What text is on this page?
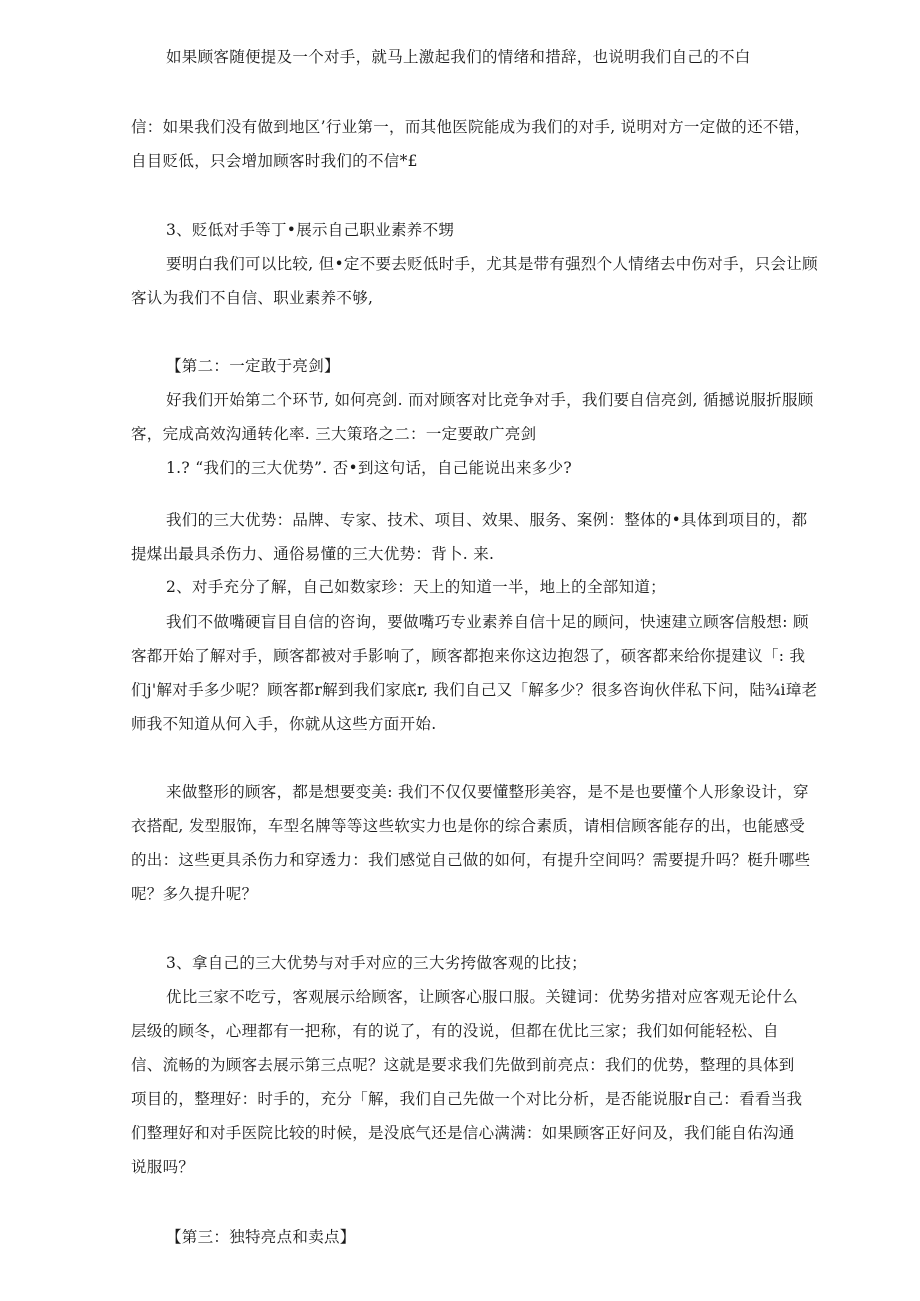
如果顾客随便提及一个对手，就马上激起我们的情绪和措辞，也说明我们自己的不白
信：如果我们没有做到地区’行业第一，而其他医院能成为我们的对手, 说明对方一定做的还不错，
自目贬低，只会增加顾客时我们的不信*£
3、贬低对手等丁•展示自己职业素养不甥
要明白我们可以比较, 但•定不要去贬低时手，尤其是带有强烈个人情绪去中伤对手，只会让顾
客认为我们不自信、职业素养不够,
【第二：一定敢于亮剑】
好我们开始第二个环节, 如何亮剑. 而对顾客对比竞争对手，我们要自信亮剑, 循撼说服折服顾
客，完成高效沟通转化率. 三大策珞之二：一定要敢广亮剑
1.? “我们的三大优势”. 否•到这句话，自己能说出来多少?
我们的三大优势：品牌、专家、技术、项目、效果、服务、案例：整体的•具体到项目的，都
提煤出最具杀伤力、通俗易懂的三大优势：背卜. 来.
2、对手充分了解，自己如数家珍：天上的知道一半，地上的全部知道；
我们不做嘴硬盲目自信的咨询，要做嘴巧专业素养自信十足的顾问，快速建立顾客信般想: 顾
客都开始了解对手，顾客都被对手影响了，顾客都抱来你这边抱怨了，硕客都来给你提建议「: 我
们j'解对手多少呢？顾客都r解到我们家底r, 我们自己又「解多少？很多咨询伙伴私下问，陆¾i璋老
师我不知道从何入手，你就从这些方面开始.
来做整形的顾客，都是想要变美: 我们不仅仅要懂整形美容，是不是也要懂个人形象设计，穿
衣搭配, 发型服饰，车型名牌等等这些软实力也是你的综合素质，请相信顾客能存的出，也能感受
的出：这些更具杀伤力和穿透力：我们感觉自己做的如何，有提升空间吗？需要提升吗？梃升哪些
呢？多久提升呢？
3、拿自己的三大优势与对手对应的三大劣挎做客观的比技；
优比三家不吃亏，客观展示给顾客，让顾客心服口服。关键词：优势劣措对应客观无论什么
层级的顾冬，心理都有一把称，有的说了，有的没说，但都在优比三家；我们如何能轻松、自
信、流畅的为顾客去展示第三点呢？这就是要求我们先做到前亮点：我们的优势，整理的具体到
项目的，整理好：时手的，充分「解，我们自己先做一个对比分析，是否能说服r自己：看看当我
们整理好和对手医院比较的时候，是没底气还是信心满满：如果顾客正好问及，我们能自佑沟通
说服吗？
【第三：独特亮点和卖点】
